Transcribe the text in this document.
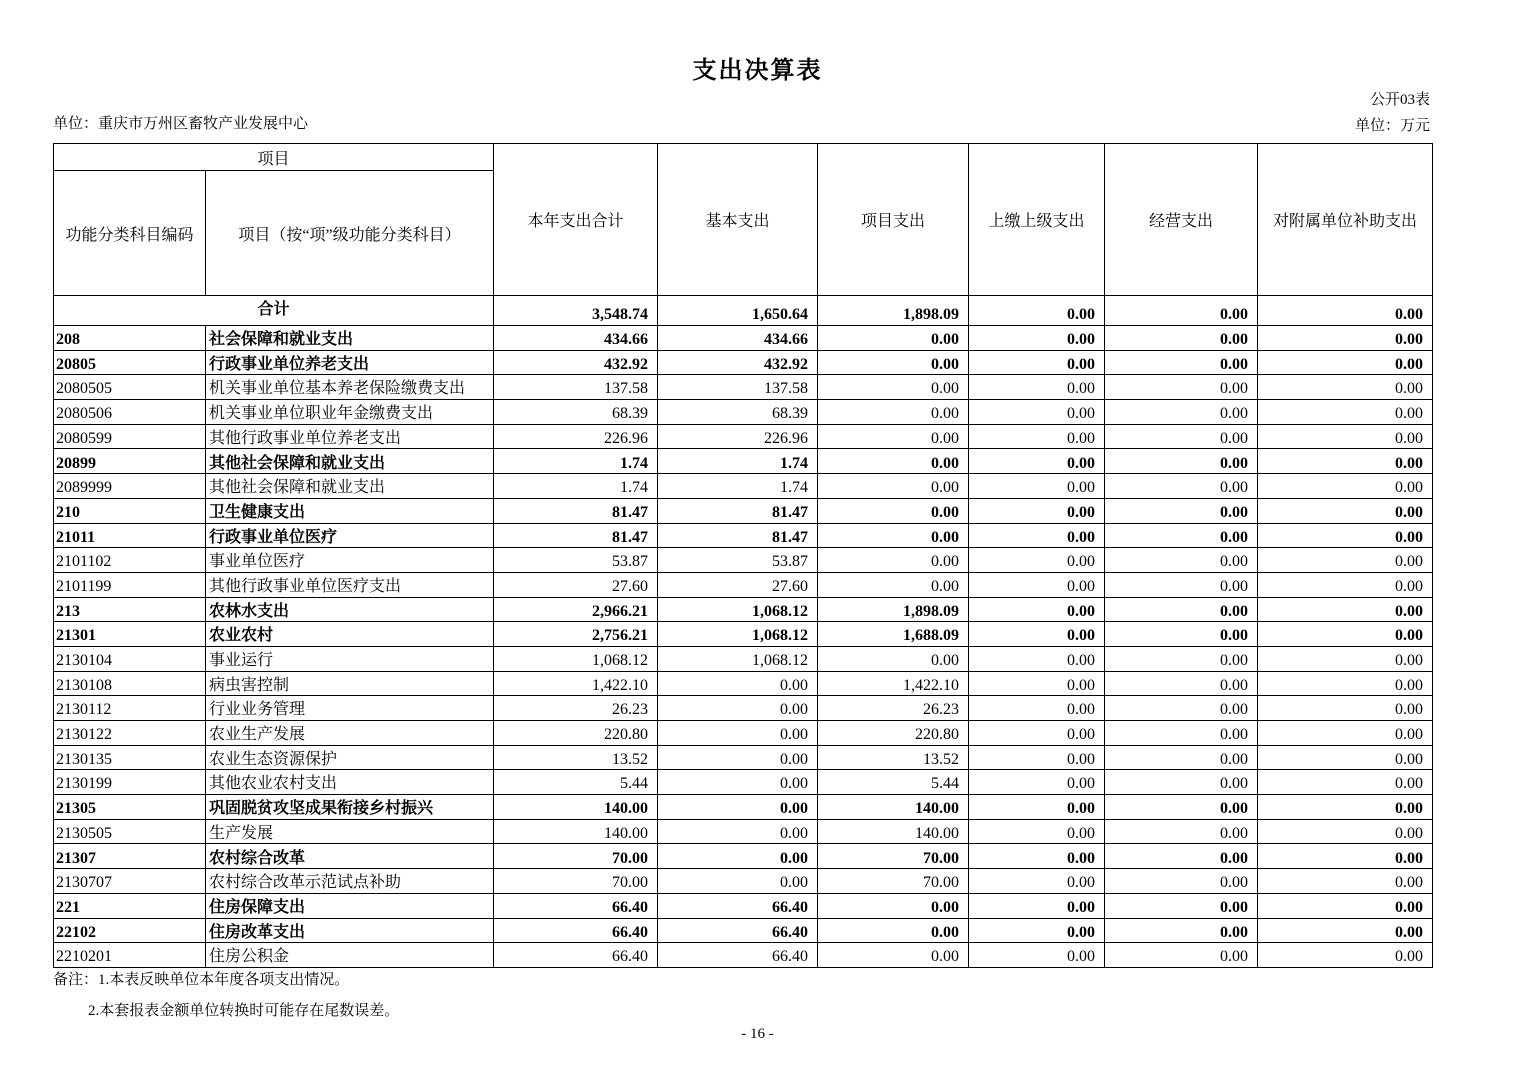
支出决算表
公开03表
单位：重庆市万州区畜牧产业发展中心	单位：万元
项目		本年支出合计	基本支出	项目支出	上缴上级支出	经营支出	对附属单位补助支出
功能分类科目编码	项目（按“项”级功能分类科目）						
合计		3,548.74	1,650.64	1,898.09	0.00	0.00	0.00
208	社会保障和就业支出	434.66	434.66	0.00	0.00	0.00	0.00
20805	行政事业单位养老支出	432.92	432.92	0.00	0.00	0.00	0.00
2080505	机关事业单位基本养老保险缴费支出	137.58	137.58	0.00	0.00	0.00	0.00
2080506	机关事业单位职业年金缴费支出	68.39	68.39	0.00	0.00	0.00	0.00
2080599	其他行政事业单位养老支出	226.96	226.96	0.00	0.00	0.00	0.00
20899	其他社会保障和就业支出	1.74	1.74	0.00	0.00	0.00	0.00
2089999	其他社会保障和就业支出	1.74	1.74	0.00	0.00	0.00	0.00
210	卫生健康支出	81.47	81.47	0.00	0.00	0.00	0.00
21011	行政事业单位医疗	81.47	81.47	0.00	0.00	0.00	0.00
2101102	事业单位医疗	53.87	53.87	0.00	0.00	0.00	0.00
2101199	其他行政事业单位医疗支出	27.60	27.60	0.00	0.00	0.00	0.00
213	农林水支出	2,966.21	1,068.12	1,898.09	0.00	0.00	0.00
21301	农业农村	2,756.21	1,068.12	1,688.09	0.00	0.00	0.00
2130104	事业运行	1,068.12	1,068.12	0.00	0.00	0.00	0.00
2130108	病虫害控制	1,422.10	0.00	1,422.10	0.00	0.00	0.00
2130112	行业业务管理	26.23	0.00	26.23	0.00	0.00	0.00
2130122	农业生产发展	220.80	0.00	220.80	0.00	0.00	0.00
2130135	农业生态资源保护	13.52	0.00	13.52	0.00	0.00	0.00
2130199	其他农业农村支出	5.44	0.00	5.44	0.00	0.00	0.00
21305	巩固脱贫攻坚成果衔接乡村振兴	140.00	0.00	140.00	0.00	0.00	0.00
2130505	生产发展	140.00	0.00	140.00	0.00	0.00	0.00
21307	农村综合改革	70.00	0.00	70.00	0.00	0.00	0.00
2130707	农村综合改革示范试点补助	70.00	0.00	70.00	0.00	0.00	0.00
221	住房保障支出	66.40	66.40	0.00	0.00	0.00	0.00
22102	住房改革支出	66.40	66.40	0.00	0.00	0.00	0.00
2210201	住房公积金	66.40	66.40	0.00	0.00	0.00	0.00
备注：1.本表反映单位本年度各项支出情况。
2.本套报表金额单位转换时可能存在尾数误差。
- 16 -
